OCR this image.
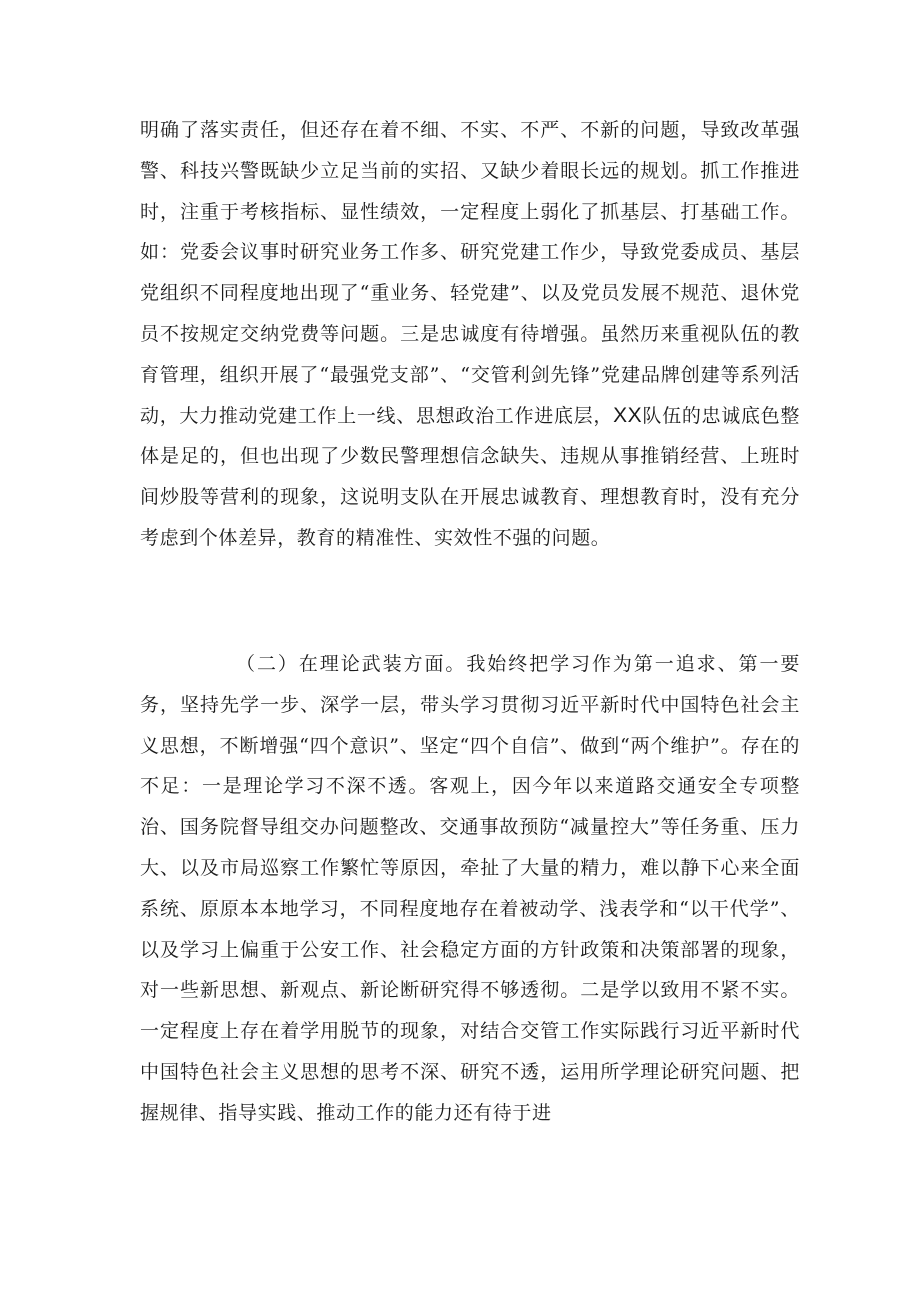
明确了落实责任，但还存在着不细、不实、不严、不新的问题，导致改革强警、科技兴警既缺少立足当前的实招、又缺少着眼长远的规划。抓工作推进时，注重于考核指标、显性绩效，一定程度上弱化了抓基层、打基础工作。如：党委会议事时研究业务工作多、研究党建工作少，导致党委成员、基层党组织不同程度地出现了“重业务、轻党建”、以及党员发展不规范、退休党员不按规定交纳党费等问题。三是忠诚度有待增强。虽然历来重视队伍的教育管理，组织开展了“最强党支部”、“交管利剑先锋”党建品牌创建等系列活动，大力推动党建工作上一线、思想政治工作进底层，XX队伍的忠诚底色整体是足的，但也出现了少数民警理想信念缺失、违规从事推销经营、上班时间炒股等营利的现象，这说明支队在开展忠诚教育、理想教育时，没有充分考虑到个体差异，教育的精准性、实效性不强的问题。

（二）在理论武装方面。我始终把学习作为第一追求、第一要务，坚持先学一步、深学一层，带头学习贯彻习近平新时代中国特色社会主义思想，不断增强“四个意识”、坚定“四个自信”、做到“两个维护”。存在的不足：一是理论学习不深不透。客观上，因今年以来道路交通安全专项整治、国务院督导组交办问题整改、交通事故预防“减量控大”等任务重、压力大、以及市局巡察工作繁忙等原因，牵扯了大量的精力，难以静下心来全面系统、原原本本地学习，不同程度地存在着被动学、浅表学和“以干代学”、以及学习上偏重于公安工作、社会稳定方面的方针政策和决策部署的现象，对一些新思想、新观点、新论断研究得不够透彻。二是学以致用不紧不实。一定程度上存在着学用脱节的现象，对结合交管工作实际践行习近平新时代中国特色社会主义思想的思考不深、研究不透，运用所学理论研究问题、把握规律、指导实践、推动工作的能力还有待于进
